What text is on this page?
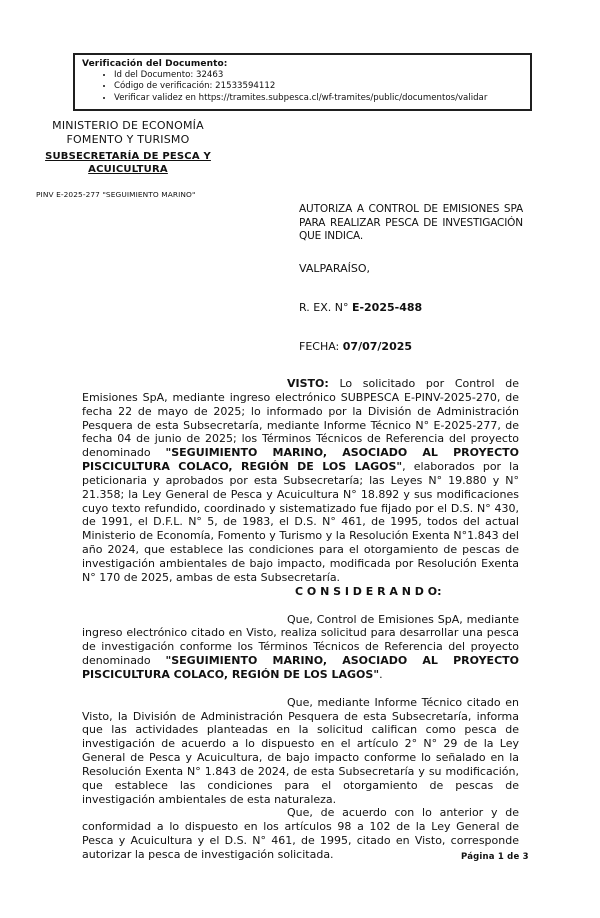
Verificación del Documento:
• Id del Documento: 32463
• Código de verificación: 21533594112
• Verificar validez en https://tramites.subpesca.cl/wf-tramites/public/documentos/validar
MINISTERIO DE ECONOMÍA
FOMENTO Y TURISMO
SUBSECRETARÍA DE PESCA Y
ACUICULTURA
PINV E-2025-277 "SEGUIMIENTO MARINO"
AUTORIZA A CONTROL DE EMISIONES SPA PARA REALIZAR PESCA DE INVESTIGACIÓN QUE INDICA.
VALPARAÍSO,
R. EX. N° E-2025-488
FECHA: 07/07/2025

VISTO: Lo solicitado por Control de Emisiones SpA, mediante ingreso electrónico SUBPESCA E-PINV-2025-270, de fecha 22 de mayo de 2025; lo informado por la División de Administración Pesquera de esta Subsecretaría, mediante Informe Técnico N° E-2025-277, de fecha 04 de junio de 2025; los Términos Técnicos de Referencia del proyecto denominado "SEGUIMIENTO MARINO, ASOCIADO AL PROYECTO PISCICULTURA COLACO, REGIÓN DE LOS LAGOS", elaborados por la peticionaria y aprobados por esta Subsecretaría; las Leyes N° 19.880 y N° 21.358; la Ley General de Pesca y Acuicultura N° 18.892 y sus modificaciones cuyo texto refundido, coordinado y sistematizado fue fijado por el D.S. N° 430, de 1991, el D.F.L. N° 5, de 1983, el D.S. N° 461, de 1995, todos del actual Ministerio de Economía, Fomento y Turismo y la Resolución Exenta N°1.843 del año 2024, que establece las condiciones para el otorgamiento de pescas de investigación ambientales de bajo impacto, modificada por Resolución Exenta N° 170 de 2025, ambas de esta Subsecretaría.

C O N S I D E R A N D O:

Que, Control de Emisiones SpA, mediante ingreso electrónico citado en Visto, realiza solicitud para desarrollar una pesca de investigación conforme los Términos Técnicos de Referencia del proyecto denominado "SEGUIMIENTO MARINO, ASOCIADO AL PROYECTO PISCICULTURA COLACO, REGIÓN DE LOS LAGOS".

Que, mediante Informe Técnico citado en Visto, la División de Administración Pesquera de esta Subsecretaría, informa que las actividades planteadas en la solicitud califican como pesca de investigación de acuerdo a lo dispuesto en el artículo 2° N° 29 de la Ley General de Pesca y Acuicultura, de bajo impacto conforme lo señalado en la Resolución Exenta N° 1.843 de 2024, de esta Subsecretaría y su modificación, que establece las condiciones para el otorgamiento de pescas de investigación ambientales de esta naturaleza.

Que, de acuerdo con lo anterior y de conformidad a lo dispuesto en los artículos 98 a 102 de la Ley General de Pesca y Acuicultura y el D.S. N° 461, de 1995, citado en Visto, corresponde autorizar la pesca de investigación solicitada.	Página 1 de 3
